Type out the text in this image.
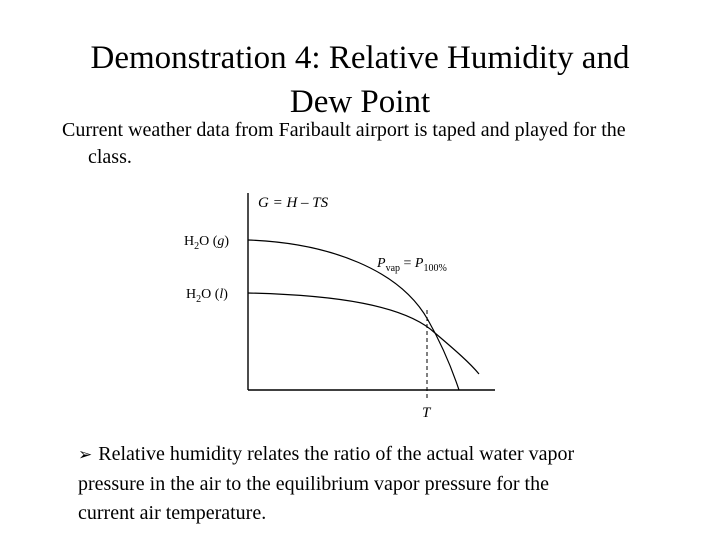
Demonstration 4: Relative Humidity and
Dew Point
Current weather data from Faribault airport is taped and played for the class.
G = H – TS
$H_2O$ (g)
$H_2O$ (l)
$P_{vap} = P_{100\%}$
T
➢ Relative humidity relates the ratio of the actual water vapor pressure in the air to the equilibrium vapor pressure for the current air temperature.
